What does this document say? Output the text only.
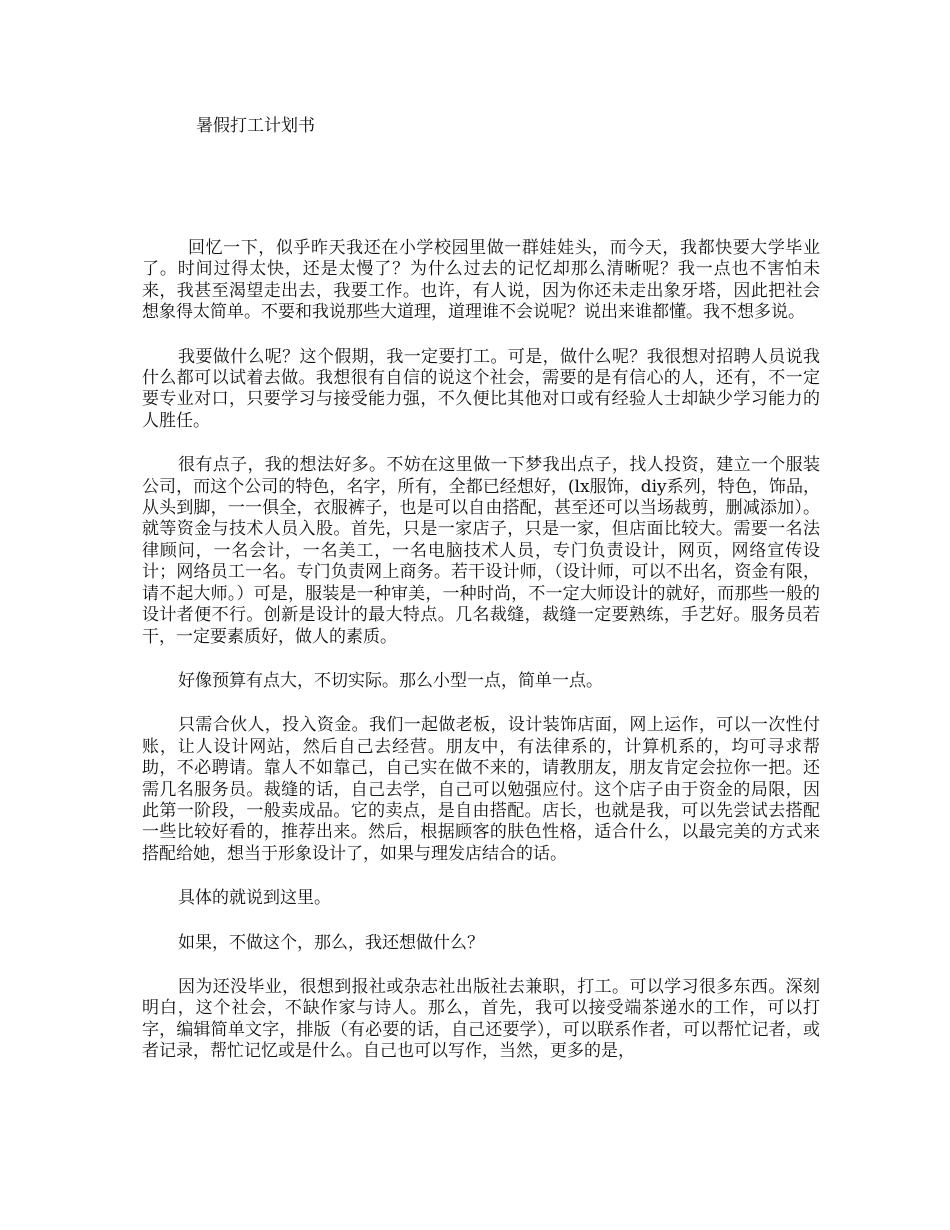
暑假打工计划书

回忆一下，似乎昨天我还在小学校园里做一群娃娃头，而今天，我都快要大学毕业了。时间过得太快，还是太慢了？为什么过去的记忆却那么清晰呢？我一点也不害怕未来，我甚至渴望走出去，我要工作。也许，有人说，因为你还未走出象牙塔，因此把社会想象得太简单。不要和我说那些大道理，道理谁不会说呢？说出来谁都懂。我不想多说。

我要做什么呢？这个假期，我一定要打工。可是，做什么呢？我很想对招聘人员说我什么都可以试着去做。我想很有自信的说这个社会，需要的是有信心的人，还有，不一定要专业对口，只要学习与接受能力强，不久便比其他对口或有经验人士却缺少学习能力的人胜任。

很有点子，我的想法好多。不妨在这里做一下梦我出点子，找人投资，建立一个服装公司，而这个公司的特色，名字，所有，全都已经想好，(lx服饰，diy系列，特色，饰品，从头到脚，一一俱全，衣服裤子，也是可以自由搭配，甚至还可以当场裁剪，删减添加）。就等资金与技术人员入股。首先，只是一家店子，只是一家，但店面比较大。需要一名法律顾问，一名会计，一名美工，一名电脑技术人员，专门负责设计，网页，网络宣传设计；网络员工一名。专门负责网上商务。若干设计师，（设计师，可以不出名，资金有限，请不起大师。）可是，服装是一种审美，一种时尚，不一定大师设计的就好，而那些一般的设计者便不行。创新是设计的最大特点。几名裁缝，裁缝一定要熟练，手艺好。服务员若干，一定要素质好，做人的素质。

好像预算有点大，不切实际。那么小型一点，简单一点。

只需合伙人，投入资金。我们一起做老板，设计装饰店面，网上运作，可以一次性付账，让人设计网站，然后自己去经营。朋友中，有法律系的，计算机系的，均可寻求帮助，不必聘请。靠人不如靠己，自己实在做不来的，请教朋友，朋友肯定会拉你一把。还需几名服务员。裁缝的话，自己去学，自己可以勉强应付。这个店子由于资金的局限，因此第一阶段，一般卖成品。它的卖点，是自由搭配。店长，也就是我，可以先尝试去搭配一些比较好看的，推荐出来。然后，根据顾客的肤色性格，适合什么，以最完美的方式来搭配给她，想当于形象设计了，如果与理发店结合的话。

具体的就说到这里。

如果，不做这个，那么，我还想做什么？

因为还没毕业，很想到报社或杂志社出版社去兼职，打工。可以学习很多东西。深刻明白，这个社会，不缺作家与诗人。那么，首先，我可以接受端茶递水的工作，可以打字，编辑简单文字，排版（有必要的话，自己还要学），可以联系作者，可以帮忙记者，或者记录，帮忙记忆或是什么。自己也可以写作，当然，更多的是，
